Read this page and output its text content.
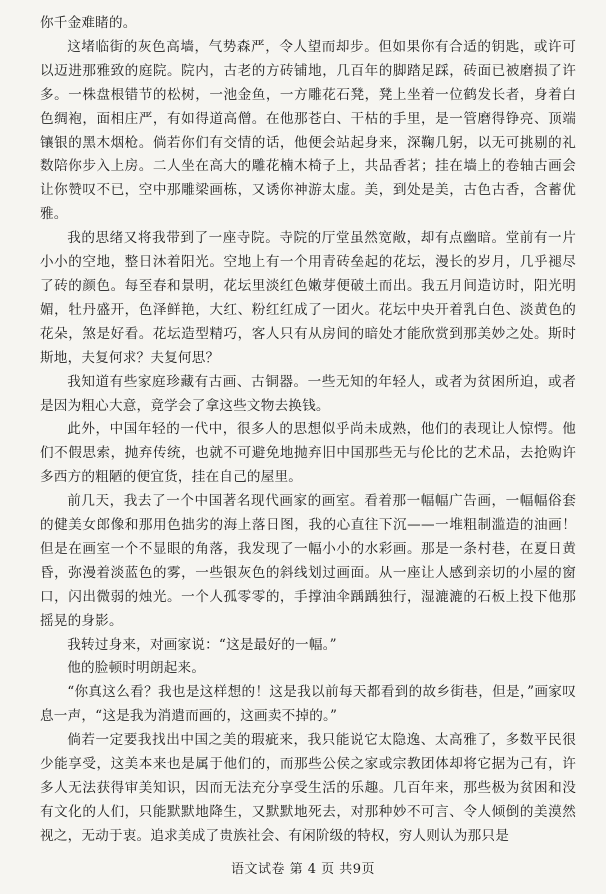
你千金难睹的。

这堵临街的灰色高墙，气势森严，令人望而却步。但如果你有合适的钥匙，或许可以迈进那雅致的庭院。院内，古老的方砖铺地，几百年的脚踏足踩，砖面已被磨损了许多。一株盘根错节的松树，一池金鱼，一方雕花石凳，凳上坐着一位鹤发长者，身着白色绸袍，面相庄严，有如得道高僧。在他那苍白、干枯的手里，是一管磨得铮亮、顶端镶银的黑木烟枪。倘若你们有交情的话，他便会站起身来，深鞠几躬，以无可挑剔的礼数陪你步入上房。二人坐在高大的雕花楠木椅子上，共品香茗；挂在墙上的卷轴古画会让你赞叹不已，空中那雕梁画栋，又诱你神游太虚。美，到处是美，古色古香，含蓄优雅。

我的思绪又将我带到了一座寺院。寺院的厅堂虽然宽敞，却有点幽暗。堂前有一片小小的空地，整日沐着阳光。空地上有一个用青砖垒起的花坛，漫长的岁月，几乎褪尽了砖的颜色。每至春和景明，花坛里淡红色嫩芽便破土而出。我五月间造访时，阳光明媚，牡丹盛开，色泽鲜艳，大红、粉红红成了一团火。花坛中央开着乳白色、淡黄色的花朵，煞是好看。花坛造型精巧，客人只有从房间的暗处才能欣赏到那美妙之处。斯时斯地，夫复何求？夫复何思？

我知道有些家庭珍藏有古画、古铜器。一些无知的年轻人，或者为贫困所迫，或者是因为粗心大意，竟学会了拿这些文物去换钱。

此外，中国年轻的一代中，很多人的思想似乎尚未成熟，他们的表现让人惊愕。他们不假思索，抛弃传统，也就不可避免地抛弃旧中国那些无与伦比的艺术品，去抢购许多西方的粗陋的便宜货，挂在自己的屋里。

前几天，我去了一个中国著名现代画家的画室。看着那一幅幅广告画，一幅幅俗套的健美女郎像和那用色拙劣的海上落日图，我的心直往下沉——一堆粗制滥造的油画！但是在画室一个不显眼的角落，我发现了一幅小小的水彩画。那是一条村巷，在夏日黄昏，弥漫着淡蓝色的雾，一些银灰色的斜线划过画面。从一座让人感到亲切的小屋的窗口，闪出微弱的烛光。一个人孤零零的，手撑油伞踽踽独行，湿漉漉的石板上投下他那摇晃的身影。

我转过身来，对画家说：“这是最好的一幅。”

他的脸顿时明朗起来。

“你真这么看？我也是这样想的！这是我以前每天都看到的故乡街巷，但是，”画家叹息一声，“这是我为消遣而画的，这画卖不掉的。”

倘若一定要我找出中国之美的瑕疵来，我只能说它太隐逸、太高雅了，多数平民很少能享受，这美本来也是属于他们的，而那些公侯之家或宗教团体却将它据为己有，许多人无法获得审美知识，因而无法充分享受生活的乐趣。几百年来，那些极为贫困和没有文化的人们，只能默默地降生，又默默地死去，对那种妙不可言、令人倾倒的美漠然视之，无动于衷。追求美成了贵族社会、有闲阶级的特权，穷人则认为那只是

语文试卷 第 4 页 共9页
